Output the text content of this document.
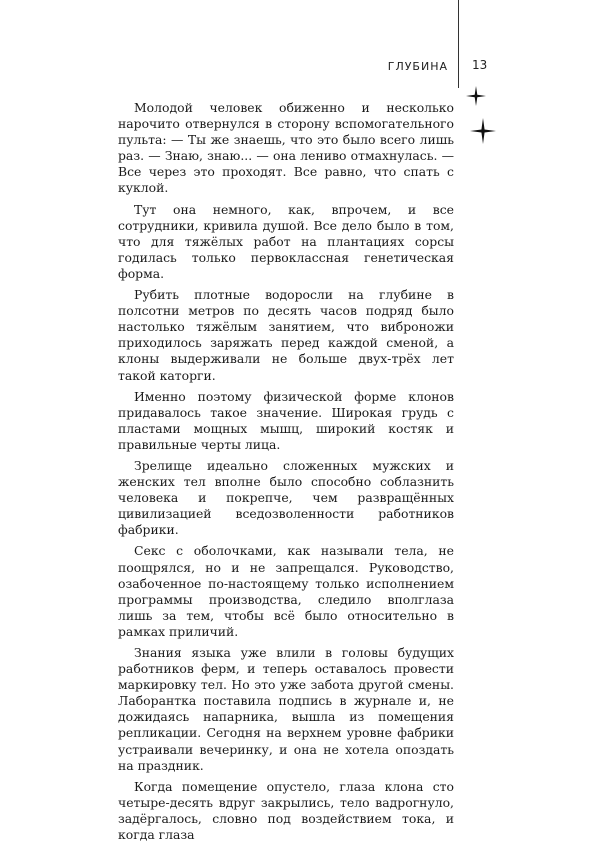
ГЛУБИНА 13

Молодой человек обиженно и несколько нарочито отвернулся в сторону вспомогательного пульта: — Ты же знаешь, что это было всего лишь раз. — Знаю, знаю... — она лениво отмахнулась. — Все через это проходят. Все равно, что спать с куклой.

Тут она немного, как, впрочем, и все сотрудники, кривила душой. Все дело было в том, что для тяжёлых работ на плантациях сорсы годилась только первоклассная генетическая форма.

Рубить плотные водоросли на глубине в полсотни метров по десять часов подряд было настолько тяжёлым занятием, что виброножи приходилось заряжать перед каждой сменой, а клоны выдерживали не больше двух-трёх лет такой каторги.

Именно поэтому физической форме клонов придавалось такое значение. Широкая грудь с пластами мощных мышц, широкий костяк и правильные черты лица.

Зрелище идеально сложенных мужских и женских тел вполне было способно соблазнить человека и покрепче, чем развращённых цивилизацией вседозволенности работников фабрики.

Секс с оболочками, как называли тела, не поощрялся, но и не запрещался. Руководство, озабоченное по-настоящему только исполнением программы производства, следило вполглаза лишь за тем, чтобы всё было относительно в рамках приличий.

Знания языка уже влили в головы будущих работников ферм, и теперь оставалось провести маркировку тел. Но это уже забота другой смены. Лаборантка поставила подпись в журнале и, не дожидаясь напарника, вышла из помещения репликации. Сегодня на верхнем уровне фабрики устраивали вечеринку, и она не хотела опоздать на праздник.

Когда помещение опустело, глаза клона сто четыре-десять вдруг закрылись, тело вадрогнуло, задёргалось, словно под воздействием тока, и когда глаза
